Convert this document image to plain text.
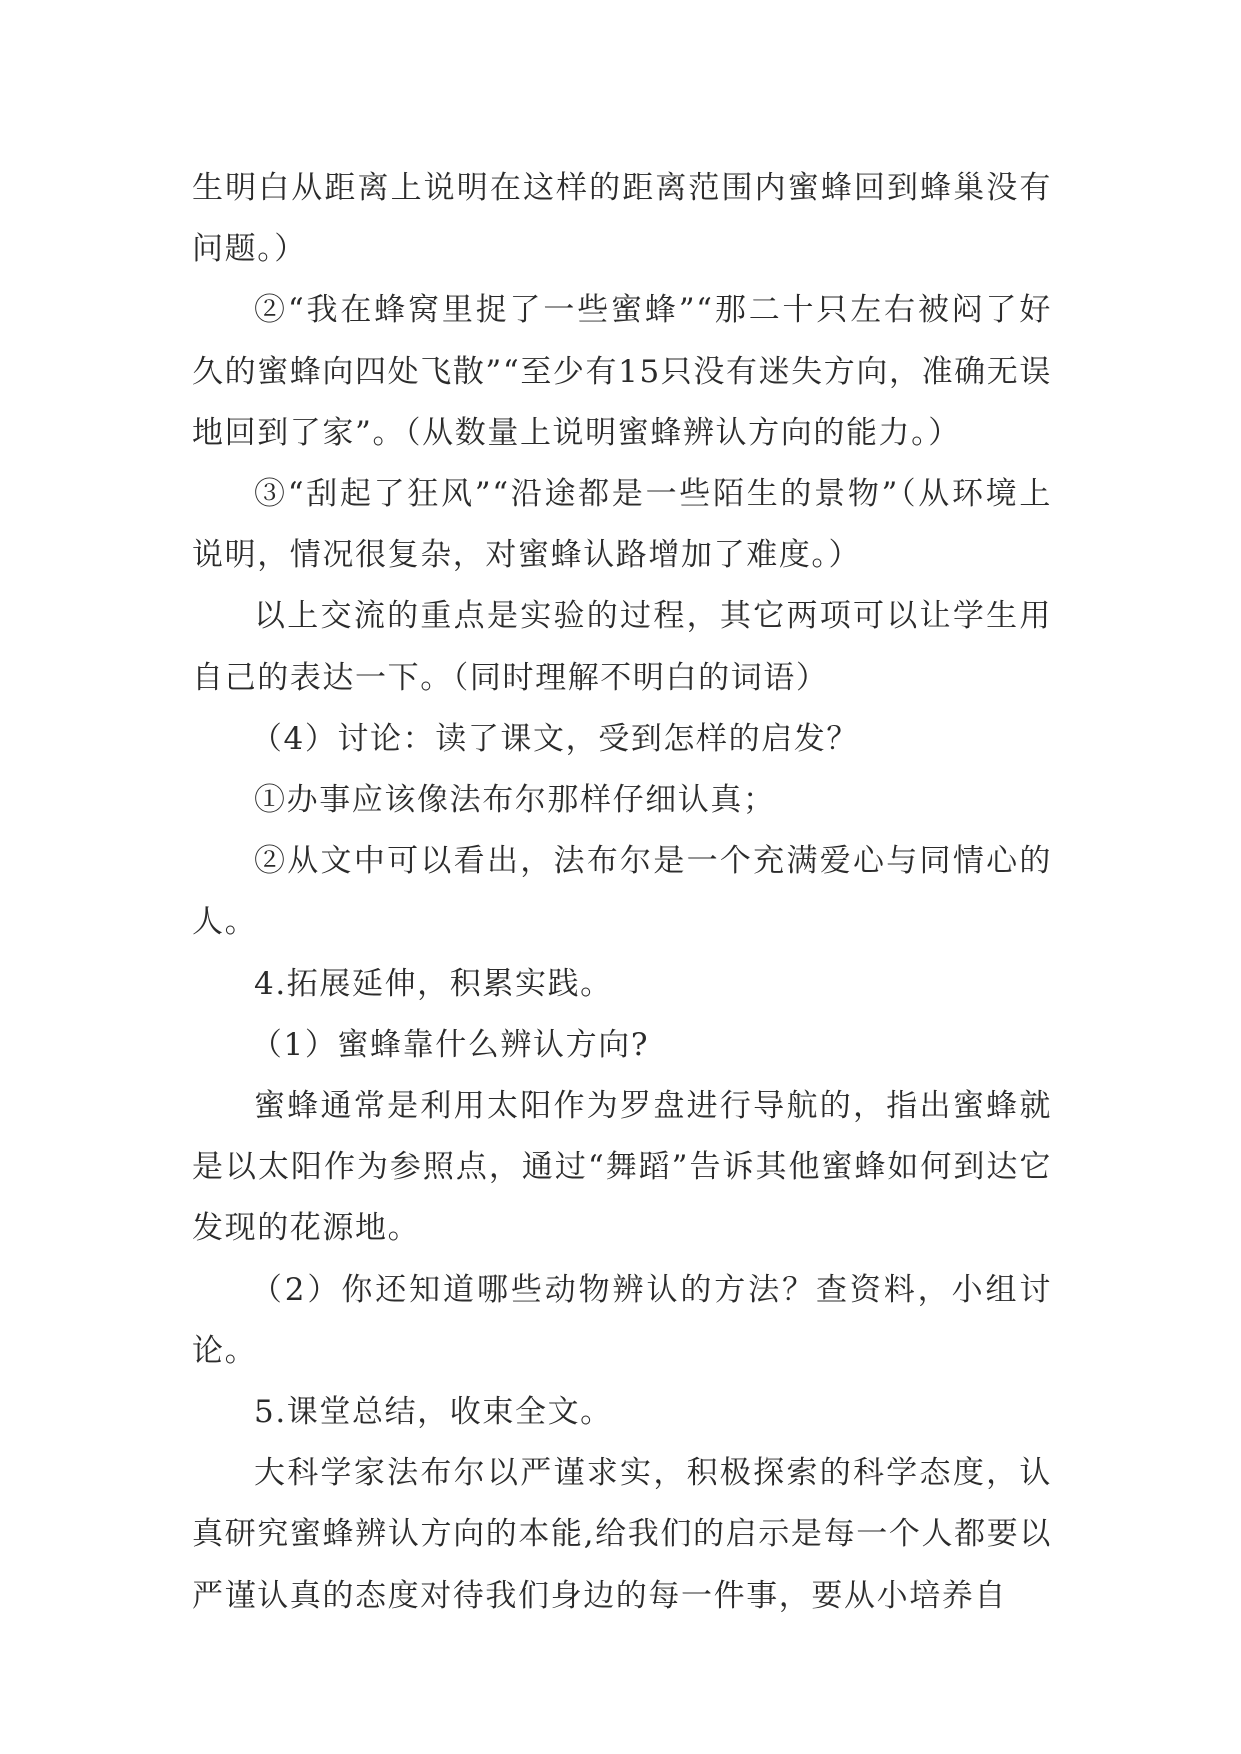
生明白从距离上说明在这样的距离范围内蜜蜂回到蜂巢没有问题。）

②“我在蜂窝里捉了一些蜜蜂”“那二十只左右被闷了好久的蜜蜂向四处飞散”“至少有15只没有迷失方向，准确无误地回到了家”。（从数量上说明蜜蜂辨认方向的能力。）

③“刮起了狂风”“沿途都是一些陌生的景物”（从环境上说明，情况很复杂，对蜜蜂认路增加了难度。）

以上交流的重点是实验的过程，其它两项可以让学生用自己的表达一下。（同时理解不明白的词语）

（4）讨论：读了课文，受到怎样的启发？

①办事应该像法布尔那样仔细认真；

②从文中可以看出，法布尔是一个充满爱心与同情心的人。

4.拓展延伸，积累实践。

（1）蜜蜂靠什么辨认方向?

蜜蜂通常是利用太阳作为罗盘进行导航的，指出蜜蜂就是以太阳作为参照点，通过“舞蹈”告诉其他蜜蜂如何到达它发现的花源地。

（2）你还知道哪些动物辨认的方法？查资料，小组讨论。

5.课堂总结，收束全文。

大科学家法布尔以严谨求实，积极探索的科学态度，认真研究蜜蜂辨认方向的本能,给我们的启示是每一个人都要以严谨认真的态度对待我们身边的每一件事，要从小培养自
